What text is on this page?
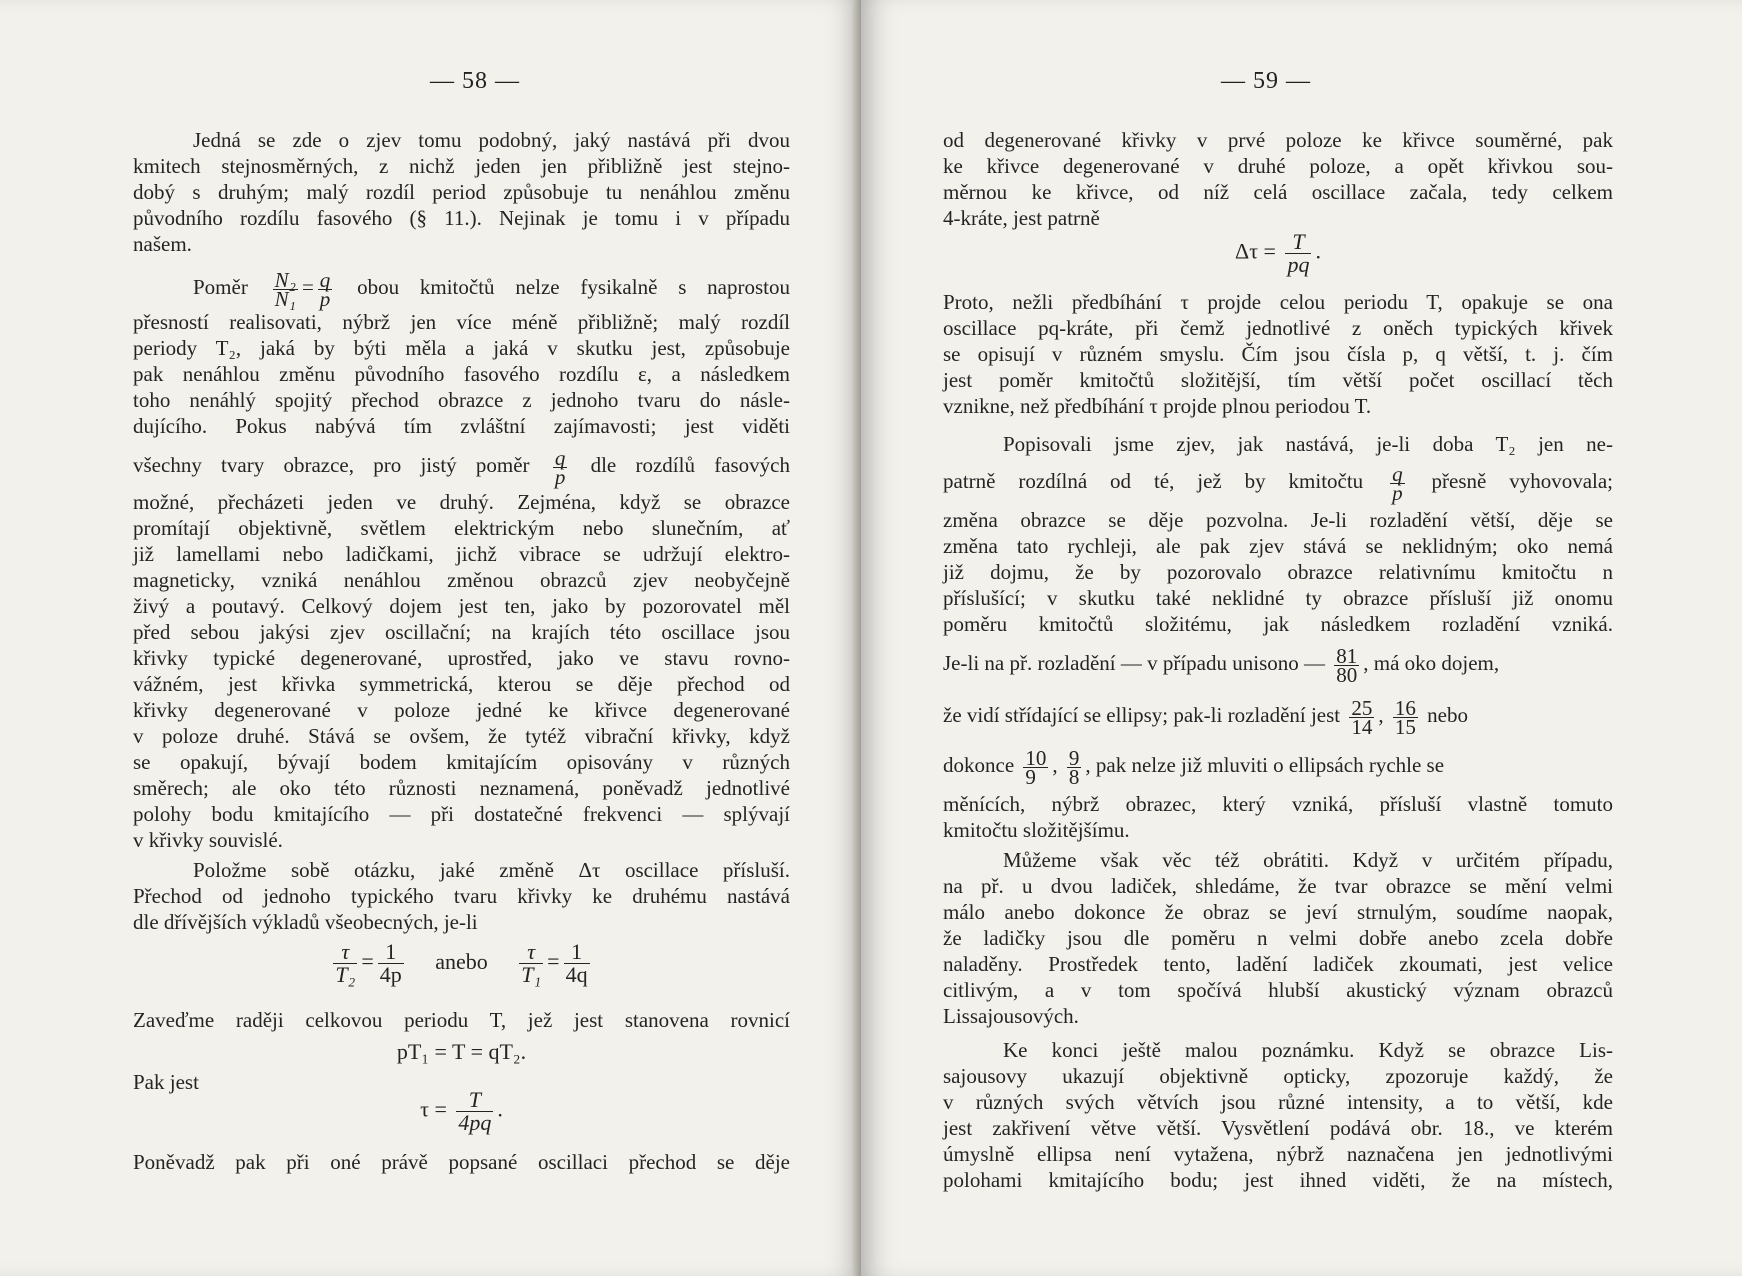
— 58 —
Jedná se zde o zjev tomu podobný, jaký nastává při dvou
kmitech stejnosměrných, z nichž jeden jen přibližně jest stejno-
dobý s druhým; malý rozdíl period způsobuje tu nenáhlou změnu
původního rozdílu fasového (§ 11.). Nejinak je tomu i v případu
našem.
Poměr $\frac{\text{N₂}}{\text{N₁}} = \frac{q}{p}$ obou kmitočtů nelze fysikalně s naprostou
přesností realisovati, nýbrž jen více méně přibližně; malý rozdíl
periody T₂, jaká by býti měla a jaká v skutku jest, způsobuje
pak nenáhlou změnu původního fasového rozdílu ε, a následkem
toho nenáhlý spojitý přechod obrazce z jednoho tvaru do násle-
dujícího. Pokus nabývá tím zvláštní zajímavosti; jest viděti
všechny tvary obrazce, pro jistý poměr $\frac{q}{p}$ dle rozdílů fasových
možné, přecházeti jeden ve druhý. Zejména, když se obrazce
promítají objektivně, světlem elektrickým nebo slunečním, ať
již lamellami nebo ladičkami, jichž vibrace se udržují elektro-
magneticky, vzniká nenáhlou změnou obrazců zjev neobyčejně
živý a poutavý. Celkový dojem jest ten, jako by pozorovatel měl
před sebou jakýsi zjev oscillační; na krajích této oscillace jsou
křivky typické degenerované, uprostřed, jako ve stavu rovno-
vážném, jest křivka symmetrická, kterou se děje přechod od
křivky degenerované v poloze jedné ke křivce degenerované
v poloze druhé. Stává se ovšem, že tytéž vibrační křivky, když
se opakují, bývají bodem kmitajícím opisovány v různých
směrech; ale oko této různosti neznamená, poněvadž jednotlivé
polohy bodu kmitajícího — při dostatečné frekvenci — splývají
v křivky souvislé.
Položme sobě otázku, jaké změně Δτ oscillace přísluší.
Přechod od jednoho typického tvaru křivky ke druhému nastává
dle dřívějších výkladů všeobecných, je-li
$\frac{\tau}{\text{T₂}} = \frac{1}{4p}$ anebo $\frac{\tau}{\text{T₁}} = \frac{1}{4q}$
Zaveďme raději celkovou periodu T, jež jest stanovena rovnicí
pT₁ = T = qT₂.
Pak jest
$\tau = \frac{T}{4pq}$ .
Poněvadž pak při oné právě popsané oscillaci přechod se děje
— 59 —
od degenerované křivky v prvé poloze ke křivce souměrné, pak
ke křivce degenerované v druhé poloze, a opět křivkou sou-
měrnou ke křivce, od níž celá oscillace začala, tedy celkem
4-kráte, jest patrně
$\Delta\tau = \frac{T}{pq}$ .
Proto, nežli předbíhání τ projde celou periodu T, opakuje se ona
oscillace pq-kráte, při čemž jednotlivé z oněch typických křivek
se opisují v různém smyslu. Čím jsou čísla p, q větší, t. j. čím
jest poměr kmitočtů složitější, tím větší počet oscillací těch
vznikne, než předbíhání τ projde plnou periodou T.
Popisovali jsme zjev, jak nastává, je-li doba T₂ jen ne-
patrně rozdílná od té, jež by kmitočtu $\frac{q}{p}$ přesně vyhovovala;
změna obrazce se děje pozvolna. Je-li rozladění větší, děje se
změna tato rychleji, ale pak zjev stává se neklidným; oko nemá
již dojmu, že by pozorovalo obrazce relativnímu kmitočtu n
příslušící; v skutku také neklidné ty obrazce přísluší již onomu
poměru kmitočtů složitému, jak následkem rozladění vzniká.
Je-li na př. rozladění — v případu unisono — $\frac{81}{80}$ , má oko dojem,
že vidí střídající se ellipsy; pak-li rozladění jest $\frac{25}{14}$ , $\frac{16}{15}$ nebo
dokonce $\frac{10}{9}$ , $\frac{9}{8}$ , pak nelze již mluviti o ellipsách rychle se
měnících, nýbrž obrazec, který vzniká, přísluší vlastně tomuto
kmitočtu složitějšímu.
Můžeme však věc též obrátiti. Když v určitém případu,
na př. u dvou ladiček, shledáme, že tvar obrazce se mění velmi
málo anebo dokonce že obraz se jeví strnulým, soudíme naopak,
že ladičky jsou dle poměru n velmi dobře anebo zcela dobře
naladěny. Prostředek tento, ladění ladiček zkoumati, jest velice
citlivým, a v tom spočívá hlubší akustický význam obrazců
Lissajousových.
Ke konci ještě malou poznámku. Když se obrazce Lis-
sajousovy ukazují objektivně opticky, zpozoruje každý, že
v různých svých větvích jsou různé intensity, a to větší, kde
jest zakřivení větve větší. Vysvětlení podává obr. 18., ve kterém
úmyslně ellipsa není vytažena, nýbrž naznačena jen jednotlivými
polohami kmitajícího bodu; jest ihned viděti, že na místech,
